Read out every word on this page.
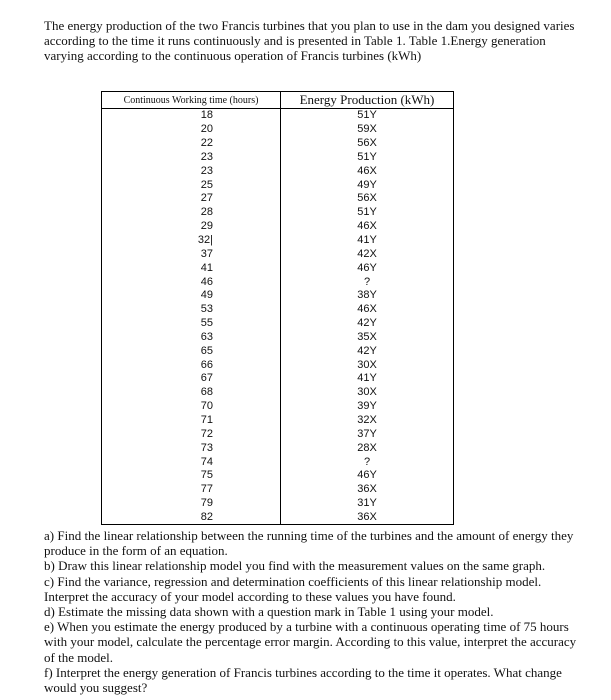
The energy production of the two Francis turbines that you plan to use in the dam you designed varies according to the time it runs continuously and is presented in Table 1. Table 1.Energy generation varying according to the continuous operation of Francis turbines (kWh)

Continuous Working time (hours)	Energy Production (kWh)
18	51Y
20	59X
22	56X
23	51Y
23	46X
25	49Y
27	56X
28	51Y
29	46X
32|	41Y
37	42X
41	46Y
46	?
49	38Y
53	46X
55	42Y
63	35X
65	42Y
66	30X
67	41Y
68	30X
70	39Y
71	32X
72	37Y
73	28X
74	?
75	46Y
77	36X
79	31Y
82	36X

a) Find the linear relationship between the running time of the turbines and the amount of energy they produce in the form of an equation.

b) Draw this linear relationship model you find with the measurement values on the same graph.

c) Find the variance, regression and determination coefficients of this linear relationship model. Interpret the accuracy of your model according to these values you have found.

d) Estimate the missing data shown with a question mark in Table 1 using your model.

e) When you estimate the energy produced by a turbine with a continuous operating time of 75 hours with your model, calculate the percentage error margin. According to this value, interpret the accuracy of the model.

f) Interpret the energy generation of Francis turbines according to the time it operates. What change would you suggest?
